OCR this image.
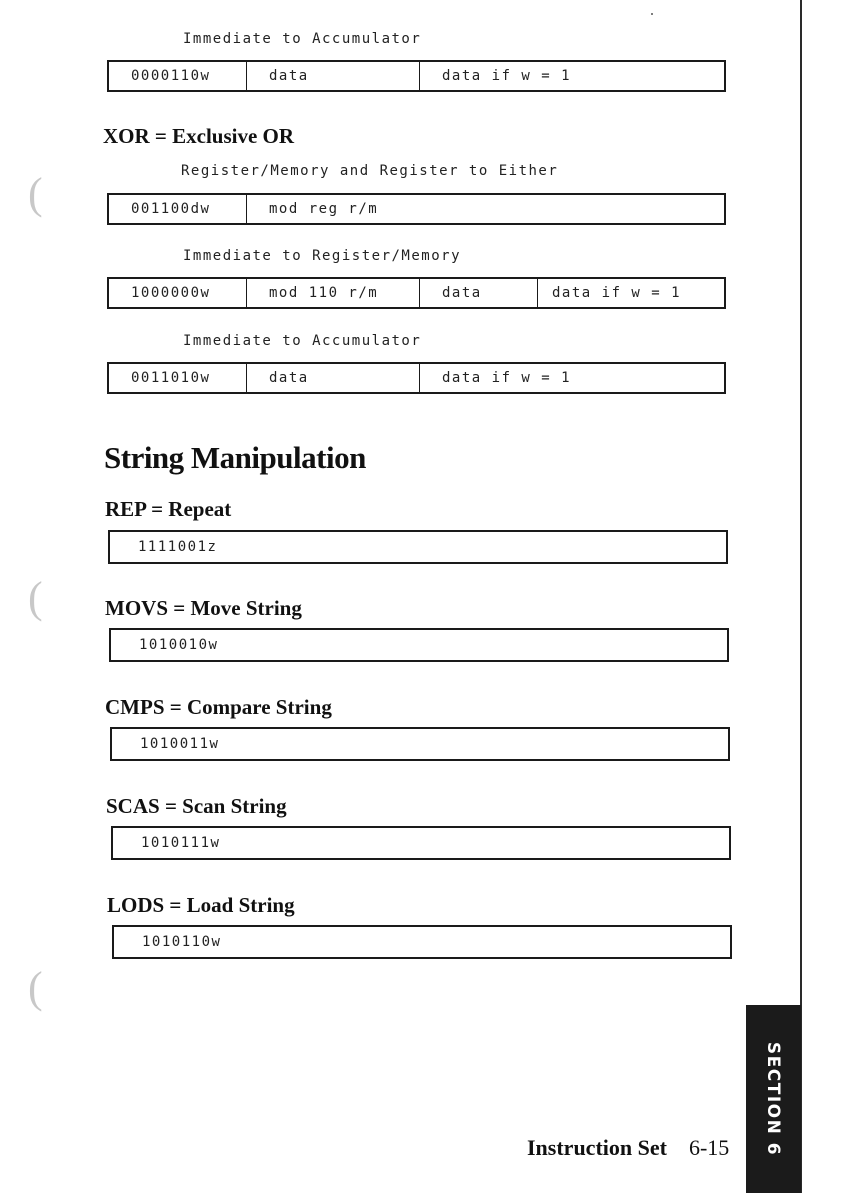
(
(
(
Immediate to Accumulator
0000110w	data	data if w = 1
XOR = Exclusive OR
Register/Memory and Register to Either
001100dw	mod reg r/m
Immediate to Register/Memory
1000000w	mod 110 r/m	data	data if w = 1
Immediate to Accumulator
0011010w	data	data if w = 1
String Manipulation
REP = Repeat
1111001z
MOVS = Move String
1010010w
CMPS = Compare String
1010011w
SCAS = Scan String
1010111w
LODS = Load String
1010110w
Instruction Set 6-15 SECTION 6
